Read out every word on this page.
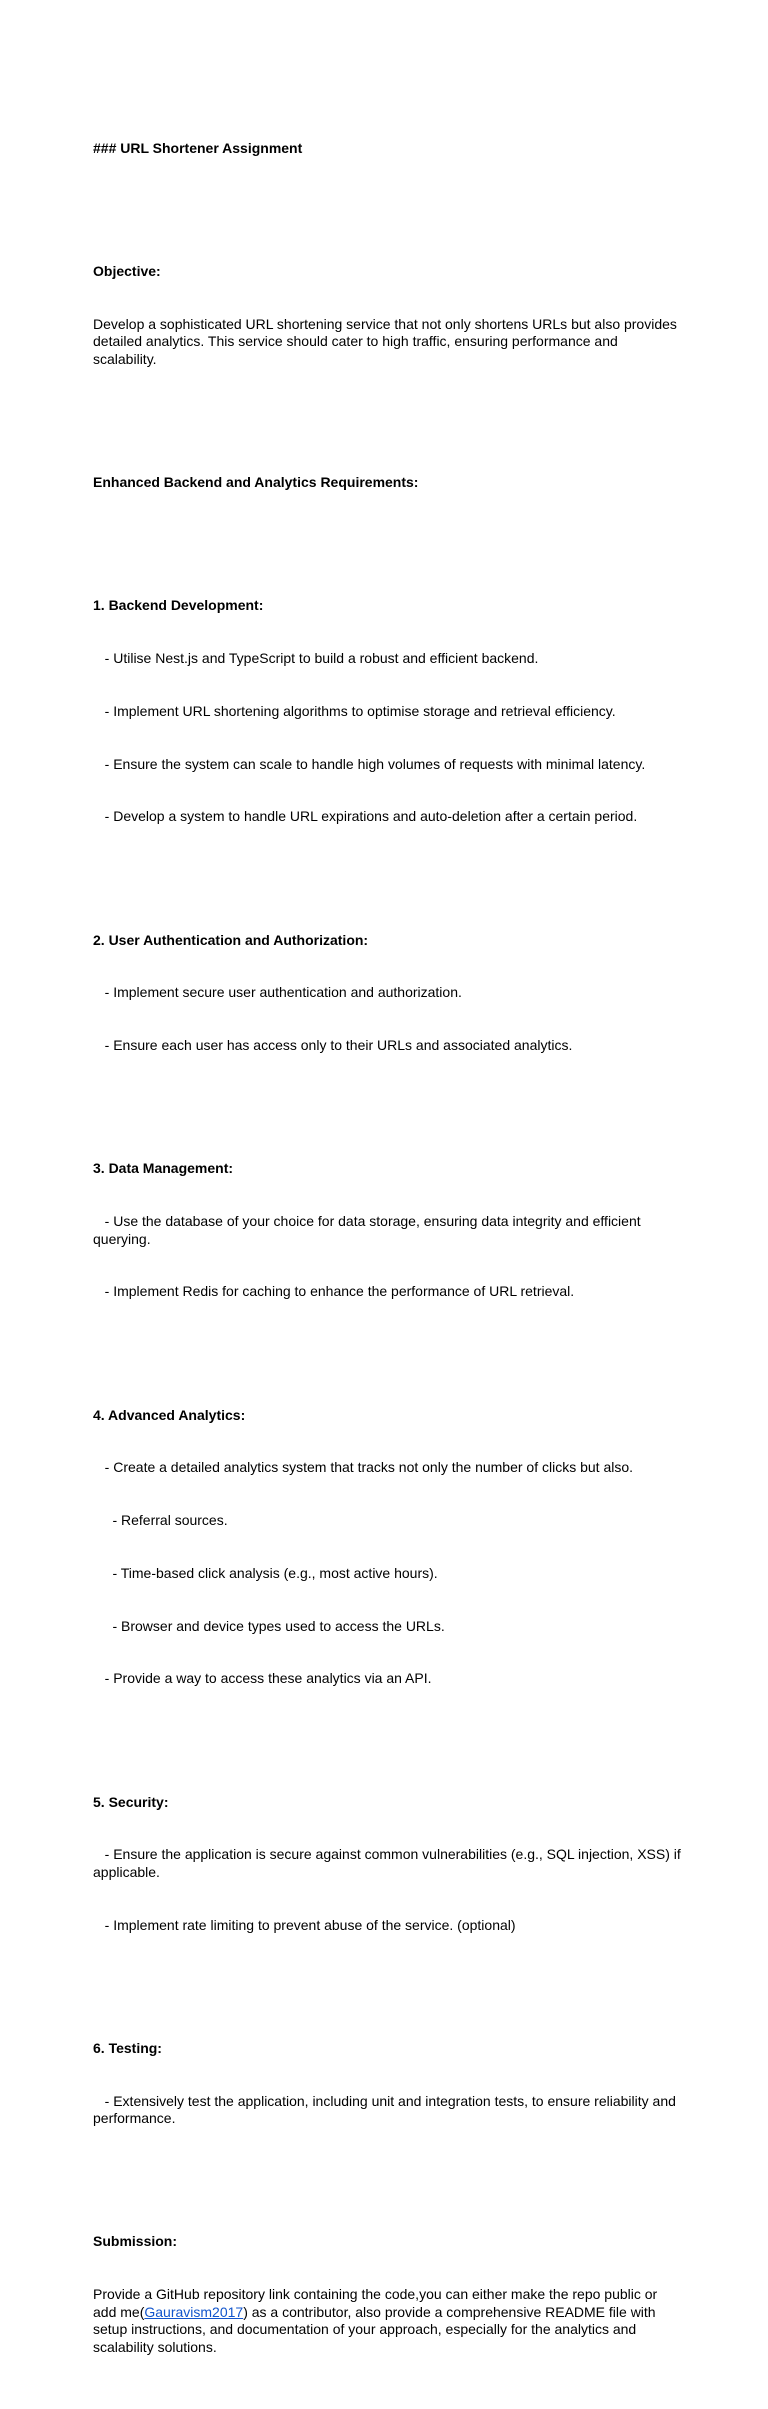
### URL Shortener Assignment

Objective:

Develop a sophisticated URL shortening service that not only shortens URLs but also provides detailed analytics. This service should cater to high traffic, ensuring performance and scalability.

Enhanced Backend and Analytics Requirements:

1. Backend Development:

- Utilise Nest.js and TypeScript to build a robust and efficient backend.

- Implement URL shortening algorithms to optimise storage and retrieval efficiency.

- Ensure the system can scale to handle high volumes of requests with minimal latency.

- Develop a system to handle URL expirations and auto-deletion after a certain period.

2. User Authentication and Authorization:

- Implement secure user authentication and authorization.

- Ensure each user has access only to their URLs and associated analytics.

3. Data Management:

- Use the database of your choice for data storage, ensuring data integrity and efficient querying.

- Implement Redis for caching to enhance the performance of URL retrieval.

4. Advanced Analytics:

- Create a detailed analytics system that tracks not only the number of clicks but also.

- Referral sources.

- Time-based click analysis (e.g., most active hours).

- Browser and device types used to access the URLs.

- Provide a way to access these analytics via an API.

5. Security:

- Ensure the application is secure against common vulnerabilities (e.g., SQL injection, XSS) if applicable.

- Implement rate limiting to prevent abuse of the service. (optional)

6. Testing:

- Extensively test the application, including unit and integration tests, to ensure reliability and performance.

Submission:

Provide a GitHub repository link containing the code,you can either make the repo public or add me(Gauravism2017) as a contributor, also provide a comprehensive README file with setup instructions, and documentation of your approach, especially for the analytics and scalability solutions.
